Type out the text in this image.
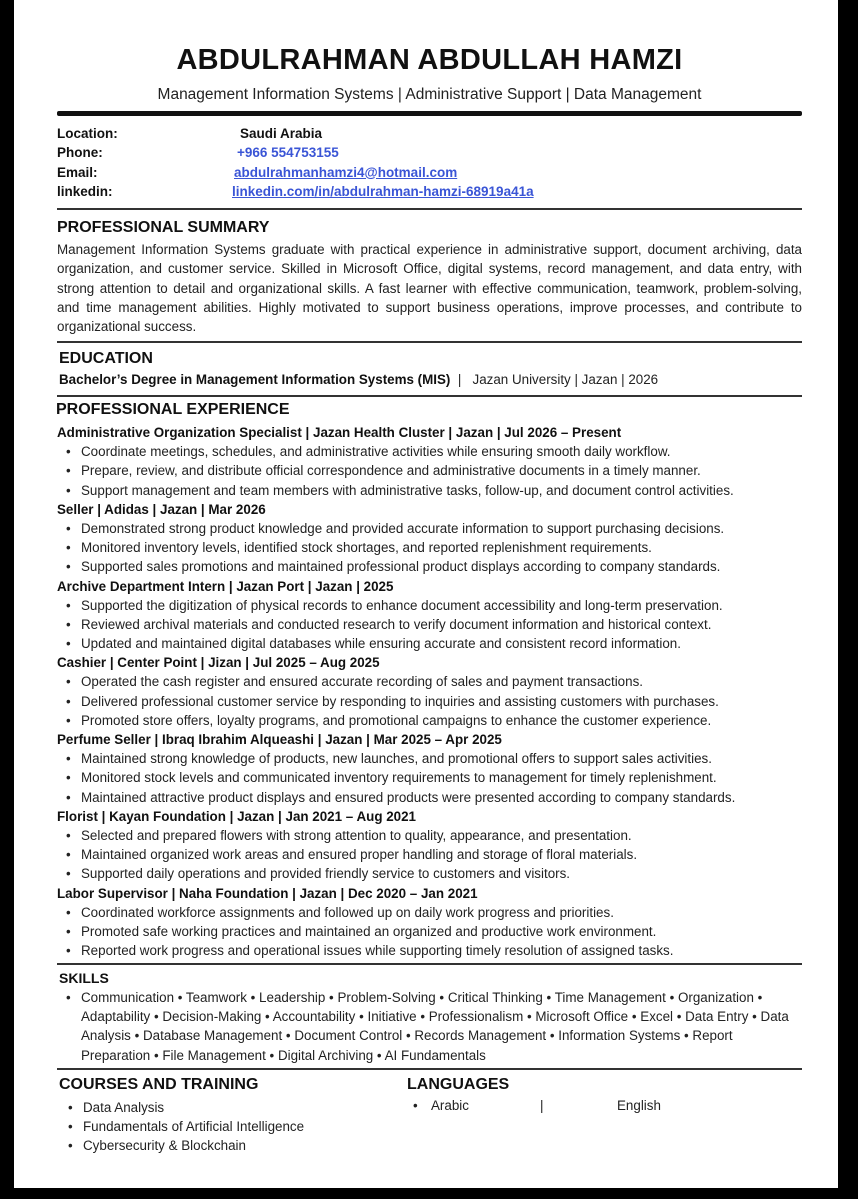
ABDULRAHMAN ABDULLAH HAMZI
Management Information Systems | Administrative Support | Data Management
Location:	Saudi Arabia
Phone:	+966 554753155
Email:	abdulrahmanhamzi4@hotmail.com
linkedin:	linkedin.com/in/abdulrahman-hamzi-68919a41a
PROFESSIONAL SUMMARY
Management Information Systems graduate with practical experience in administrative support, document archiving, data organization, and customer service. Skilled in Microsoft Office, digital systems, record management, and data entry, with strong attention to detail and organizational skills. A fast learner with effective communication, teamwork, problem-solving, and time management abilities. Highly motivated to support business operations, improve processes, and contribute to organizational success.
EDUCATION
Bachelor’s Degree in Management Information Systems (MIS) | Jazan University | Jazan | 2026
PROFESSIONAL EXPERIENCE
Administrative Organization Specialist | Jazan Health Cluster | Jazan | Jul 2026 – Present
• Coordinate meetings, schedules, and administrative activities while ensuring smooth daily workflow.
• Prepare, review, and distribute official correspondence and administrative documents in a timely manner.
• Support management and team members with administrative tasks, follow-up, and document control activities.
Seller | Adidas | Jazan | Mar 2026
• Demonstrated strong product knowledge and provided accurate information to support purchasing decisions.
• Monitored inventory levels, identified stock shortages, and reported replenishment requirements.
• Supported sales promotions and maintained professional product displays according to company standards.
Archive Department Intern | Jazan Port | Jazan | 2025
• Supported the digitization of physical records to enhance document accessibility and long-term preservation.
• Reviewed archival materials and conducted research to verify document information and historical context.
• Updated and maintained digital databases while ensuring accurate and consistent record information.
Cashier | Center Point | Jizan | Jul 2025 – Aug 2025
• Operated the cash register and ensured accurate recording of sales and payment transactions.
• Delivered professional customer service by responding to inquiries and assisting customers with purchases.
• Promoted store offers, loyalty programs, and promotional campaigns to enhance the customer experience.
Perfume Seller | Ibraq Ibrahim Alqueashi | Jazan | Mar 2025 – Apr 2025
• Maintained strong knowledge of products, new launches, and promotional offers to support sales activities.
• Monitored stock levels and communicated inventory requirements to management for timely replenishment.
• Maintained attractive product displays and ensured products were presented according to company standards.
Florist | Kayan Foundation | Jazan | Jan 2021 – Aug 2021
• Selected and prepared flowers with strong attention to quality, appearance, and presentation.
• Maintained organized work areas and ensured proper handling and storage of floral materials.
• Supported daily operations and provided friendly service to customers and visitors.
Labor Supervisor | Naha Foundation | Jazan | Dec 2020 – Jan 2021
• Coordinated workforce assignments and followed up on daily work progress and priorities.
• Promoted safe working practices and maintained an organized and productive work environment.
• Reported work progress and operational issues while supporting timely resolution of assigned tasks.
SKILLS
• Communication • Teamwork • Leadership • Problem-Solving • Critical Thinking • Time Management • Organization • Adaptability • Decision-Making • Accountability • Initiative • Professionalism • Microsoft Office • Excel • Data Entry • Data Analysis • Database Management • Document Control • Records Management • Information Systems • Report Preparation • File Management • Digital Archiving • AI Fundamentals
COURSES AND TRAINING	LANGUAGES
• Data Analysis
• Fundamentals of Artificial Intelligence
• Cybersecurity & Blockchain
• Arabic	|	English
